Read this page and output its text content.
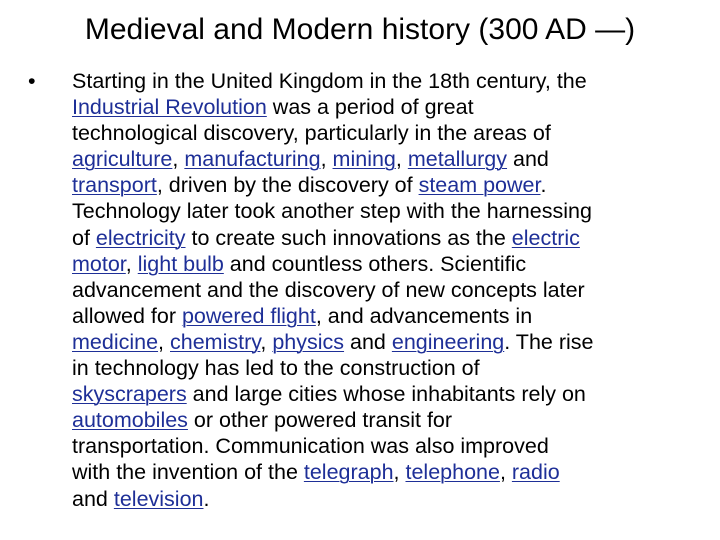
Medieval and Modern history (300 AD —)
•	Starting in the United Kingdom in the 18th century, the
Industrial Revolution was a period of great
technological discovery, particularly in the areas of
agriculture, manufacturing, mining, metallurgy and
transport, driven by the discovery of steam power.
Technology later took another step with the harnessing
of electricity to create such innovations as the electric
motor, light bulb and countless others. Scientific
advancement and the discovery of new concepts later
allowed for powered flight, and advancements in
medicine, chemistry, physics and engineering. The rise
in technology has led to the construction of
skyscrapers and large cities whose inhabitants rely on
automobiles or other powered transit for
transportation. Communication was also improved
with the invention of the telegraph, telephone, radio
and television.
